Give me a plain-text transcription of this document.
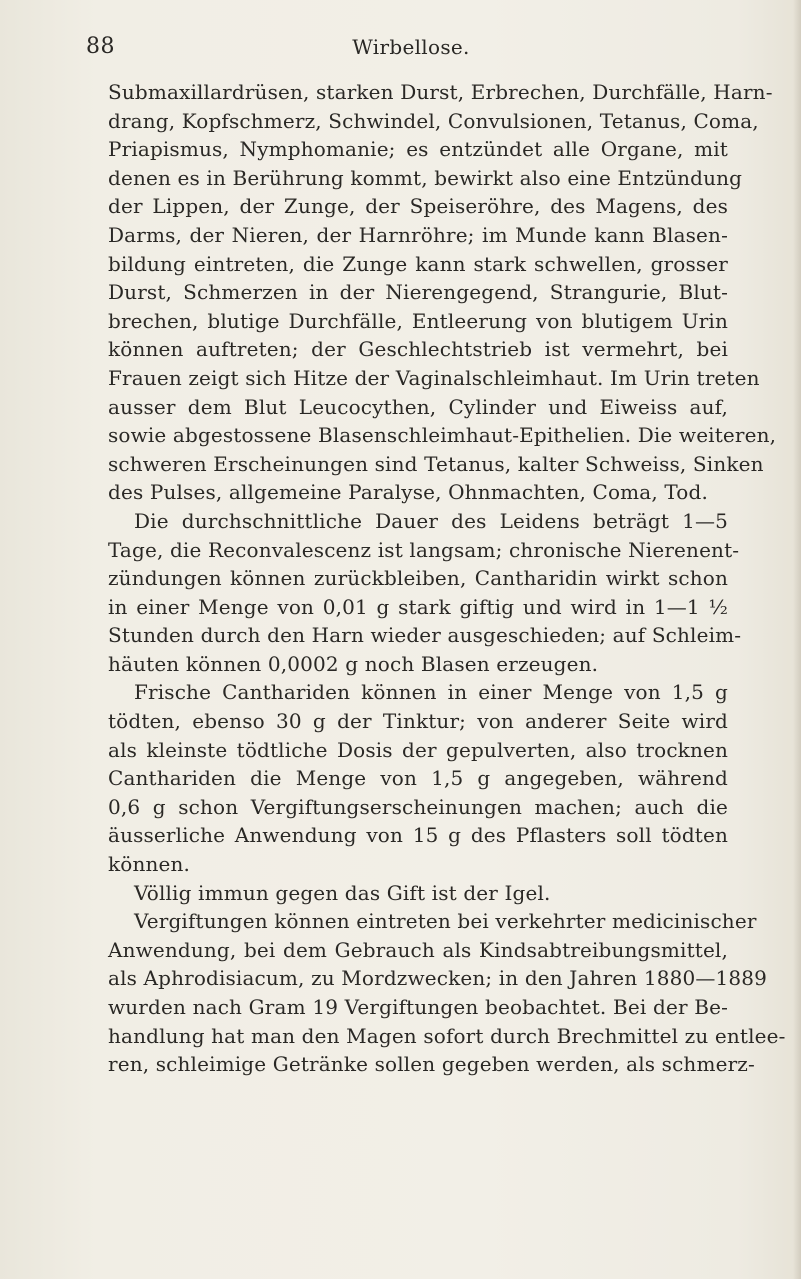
88	Wirbellose.
Submaxillardrüsen, starken Durst, Erbrechen, Durchfälle, Harn-
drang, Kopfschmerz, Schwindel, Convulsionen, Tetanus, Coma,
Priapismus, Nymphomanie; es entzündet alle Organe, mit
denen es in Berührung kommt, bewirkt also eine Entzündung
der Lippen, der Zunge, der Speiseröhre, des Magens, des
Darms, der Nieren, der Harnröhre; im Munde kann Blasen-
bildung eintreten, die Zunge kann stark schwellen, grosser
Durst, Schmerzen in der Nierengegend, Strangurie, Blut-
brechen, blutige Durchfälle, Entleerung von blutigem Urin
können auftreten; der Geschlechtstrieb ist vermehrt, bei
Frauen zeigt sich Hitze der Vaginalschleimhaut. Im Urin treten
ausser dem Blut Leucocythen, Cylinder und Eiweiss auf,
sowie abgestossene Blasenschleimhaut-Epithelien. Die weiteren,
schweren Erscheinungen sind Tetanus, kalter Schweiss, Sinken
des Pulses, allgemeine Paralyse, Ohnmachten, Coma, Tod.
Die durchschnittliche Dauer des Leidens beträgt 1—5
Tage, die Reconvalescenz ist langsam; chronische Nierenent-
zündungen können zurückbleiben, Cantharidin wirkt schon
in einer Menge von 0,01 g stark giftig und wird in 1—1 ½
Stunden durch den Harn wieder ausgeschieden; auf Schleim-
häuten können 0,0002 g noch Blasen erzeugen.
Frische Canthariden können in einer Menge von 1,5 g
tödten, ebenso 30 g der Tinktur; von anderer Seite wird
als kleinste tödtliche Dosis der gepulverten, also trocknen
Canthariden die Menge von 1,5 g angegeben, während
0,6 g schon Vergiftungserscheinungen machen; auch die
äusserliche Anwendung von 15 g des Pflasters soll tödten
können.
Völlig immun gegen das Gift ist der Igel.
Vergiftungen können eintreten bei verkehrter medicinischer
Anwendung, bei dem Gebrauch als Kindsabtreibungsmittel,
als Aphrodisiacum, zu Mordzwecken; in den Jahren 1880—1889
wurden nach Gram 19 Vergiftungen beobachtet. Bei der Be-
handlung hat man den Magen sofort durch Brechmittel zu entlee-
ren, schleimige Getränke sollen gegeben werden, als schmerz-
